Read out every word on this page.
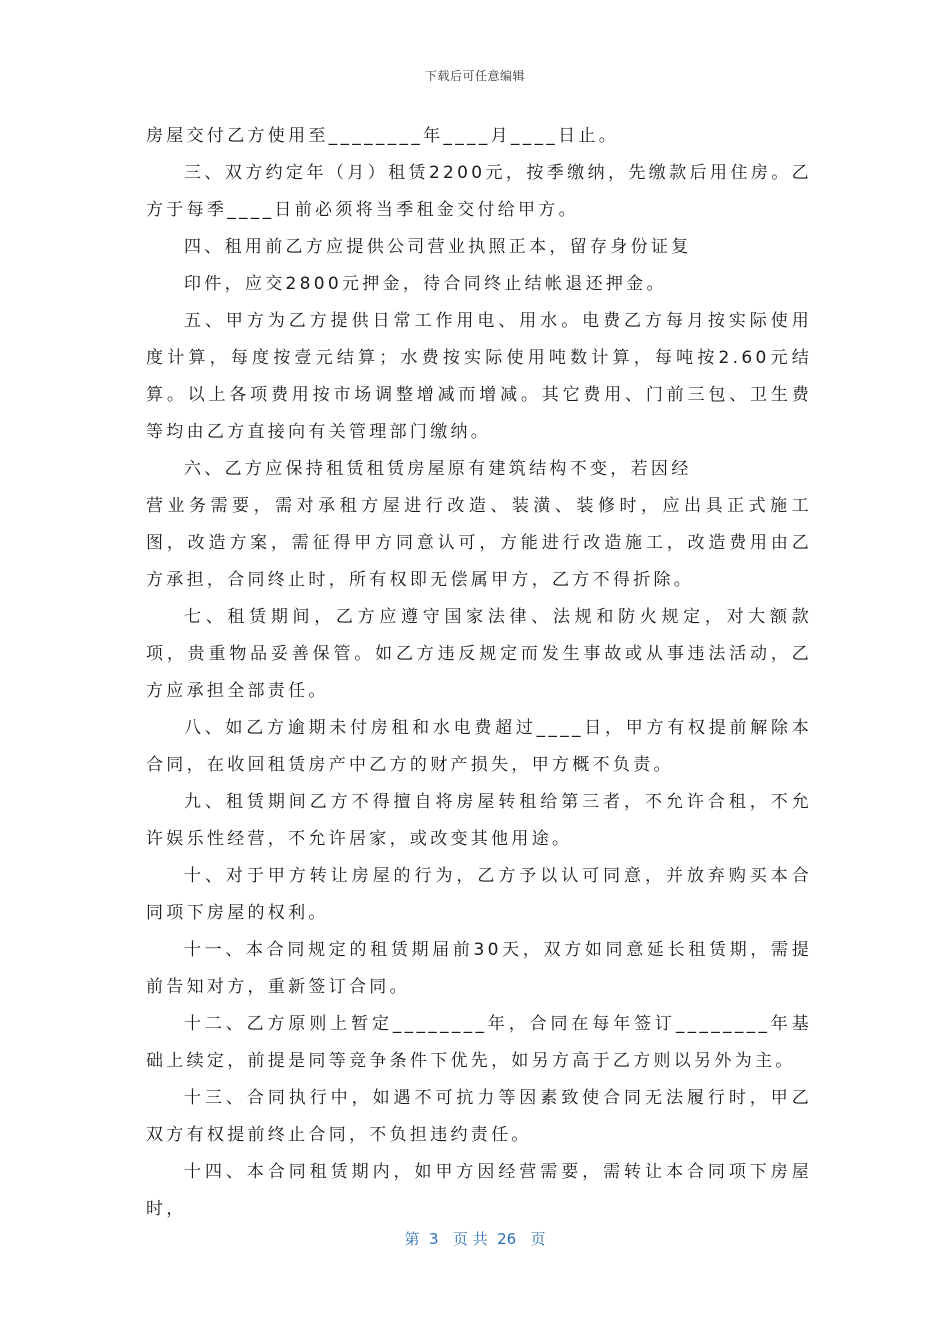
下载后可任意编辑

房屋交付乙方使用至________年____月____日止。

三、双方约定年（月）租赁2200元，按季缴纳，先缴款后用住房。乙方于每季____日前必须将当季租金交付给甲方。

四、租用前乙方应提供公司营业执照正本，留存身份证复

印件，应交2800元押金，待合同终止结帐退还押金。

五、甲方为乙方提供日常工作用电、用水。电费乙方每月按实际使用度计算，每度按壹元结算；水费按实际使用吨数计算，每吨按2.60元结算。以上各项费用按市场调整增减而增减。其它费用、门前三包、卫生费等均由乙方直接向有关管理部门缴纳。

六、乙方应保持租赁租赁房屋原有建筑结构不变，若因经

营业务需要，需对承租方屋进行改造、装潢、装修时，应出具正式施工图，改造方案，需征得甲方同意认可，方能进行改造施工，改造费用由乙方承担，合同终止时，所有权即无偿属甲方，乙方不得折除。

七、租赁期间，乙方应遵守国家法律、法规和防火规定，对大额款项，贵重物品妥善保管。如乙方违反规定而发生事故或从事违法活动，乙方应承担全部责任。

八、如乙方逾期未付房租和水电费超过____日，甲方有权提前解除本合同，在收回租赁房产中乙方的财产损失，甲方概不负责。

九、租赁期间乙方不得擅自将房屋转租给第三者，不允许合租，不允许娱乐性经营，不允许居家，或改变其他用途。

十、对于甲方转让房屋的行为，乙方予以认可同意，并放弃购买本合同项下房屋的权利。

十一、本合同规定的租赁期届前30天，双方如同意延长租赁期，需提前告知对方，重新签订合同。

十二、乙方原则上暂定________年，合同在每年签订________年基础上续定，前提是同等竞争条件下优先，如另方高于乙方则以另外为主。

十三、合同执行中，如遇不可抗力等因素致使合同无法履行时，甲乙双方有权提前终止合同，不负担违约责任。

十四、本合同租赁期内，如甲方因经营需要，需转让本合同项下房屋时，

第  3   页 共  26   页
